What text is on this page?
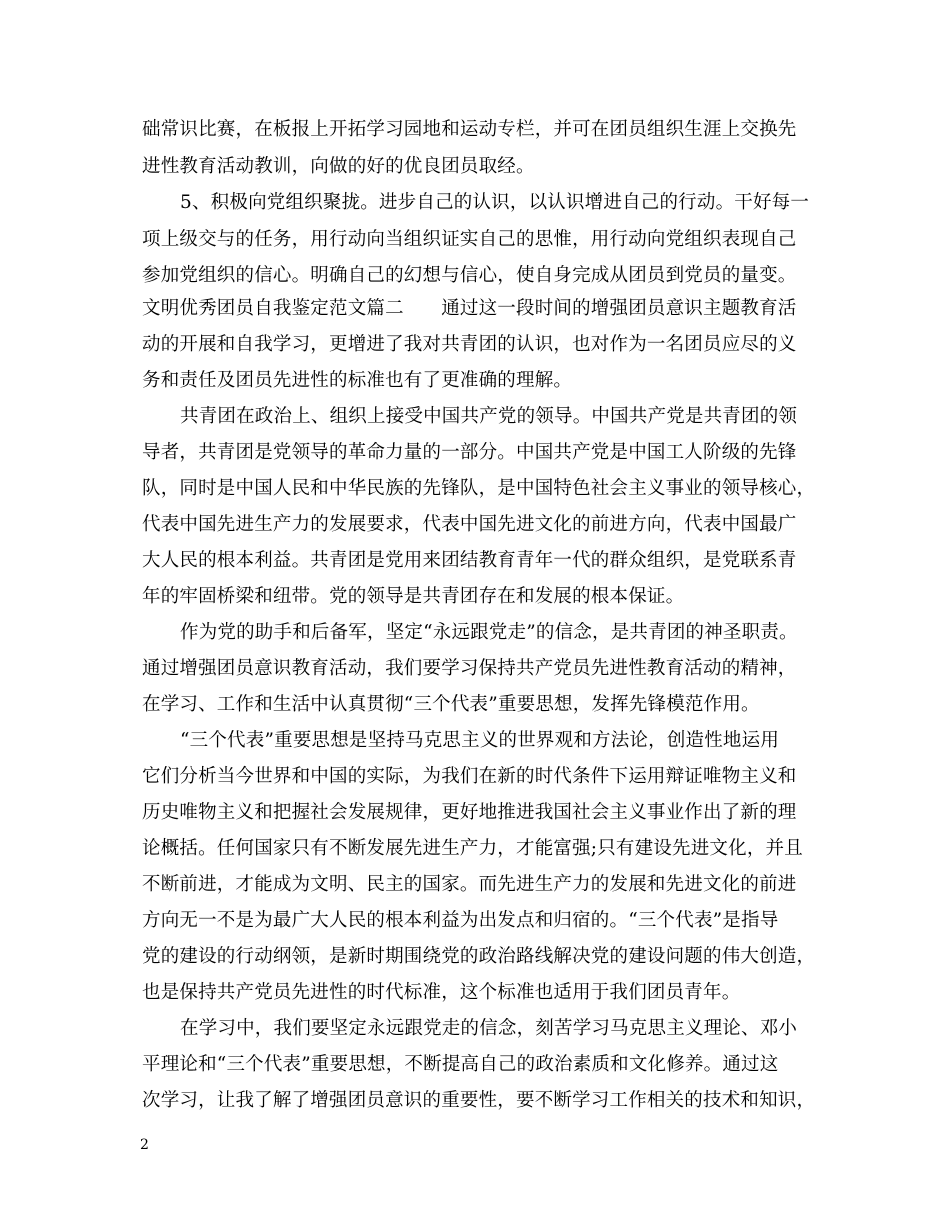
础常识比赛，在板报上开拓学习园地和运动专栏，并可在团员组织生涯上交换先
进性教育活动教训，向做的好的优良团员取经。
5、积极向党组织聚拢。进步自己的认识，以认识增进自己的行动。干好每一
项上级交与的任务，用行动向当组织证实自己的思惟，用行动向党组织表现自己
参加党组织的信心。明确自己的幻想与信心，使自身完成从团员到党员的量变。
文明优秀团员自我鉴定范文篇二　　通过这一段时间的增强团员意识主题教育活
动的开展和自我学习，更增进了我对共青团的认识，也对作为一名团员应尽的义
务和责任及团员先进性的标准也有了更准确的理解。
共青团在政治上、组织上接受中国共产党的领导。中国共产党是共青团的领
导者，共青团是党领导的革命力量的一部分。中国共产党是中国工人阶级的先锋
队，同时是中国人民和中华民族的先锋队，是中国特色社会主义事业的领导核心，
代表中国先进生产力的发展要求，代表中国先进文化的前进方向，代表中国最广
大人民的根本利益。共青团是党用来团结教育青年一代的群众组织，是党联系青
年的牢固桥梁和纽带。党的领导是共青团存在和发展的根本保证。
作为党的助手和后备军，坚定“永远跟党走”的信念，是共青团的神圣职责。
通过增强团员意识教育活动，我们要学习保持共产党员先进性教育活动的精神，
在学习、工作和生活中认真贯彻“三个代表”重要思想，发挥先锋模范作用。
“三个代表”重要思想是坚持马克思主义的世界观和方法论，创造性地运用
它们分析当今世界和中国的实际，为我们在新的时代条件下运用辩证唯物主义和
历史唯物主义和把握社会发展规律，更好地推进我国社会主义事业作出了新的理
论概括。任何国家只有不断发展先进生产力，才能富强;只有建设先进文化，并且
不断前进，才能成为文明、民主的国家。而先进生产力的发展和先进文化的前进
方向无一不是为最广大人民的根本利益为出发点和归宿的。“三个代表”是指导
党的建设的行动纲领，是新时期围绕党的政治路线解决党的建设问题的伟大创造，
也是保持共产党员先进性的时代标准，这个标准也适用于我们团员青年。
在学习中，我们要坚定永远跟党走的信念，刻苦学习马克思主义理论、邓小
平理论和“三个代表”重要思想，不断提高自己的政治素质和文化修养。通过这
次学习，让我了解了增强团员意识的重要性，要不断学习工作相关的技术和知识，
2
